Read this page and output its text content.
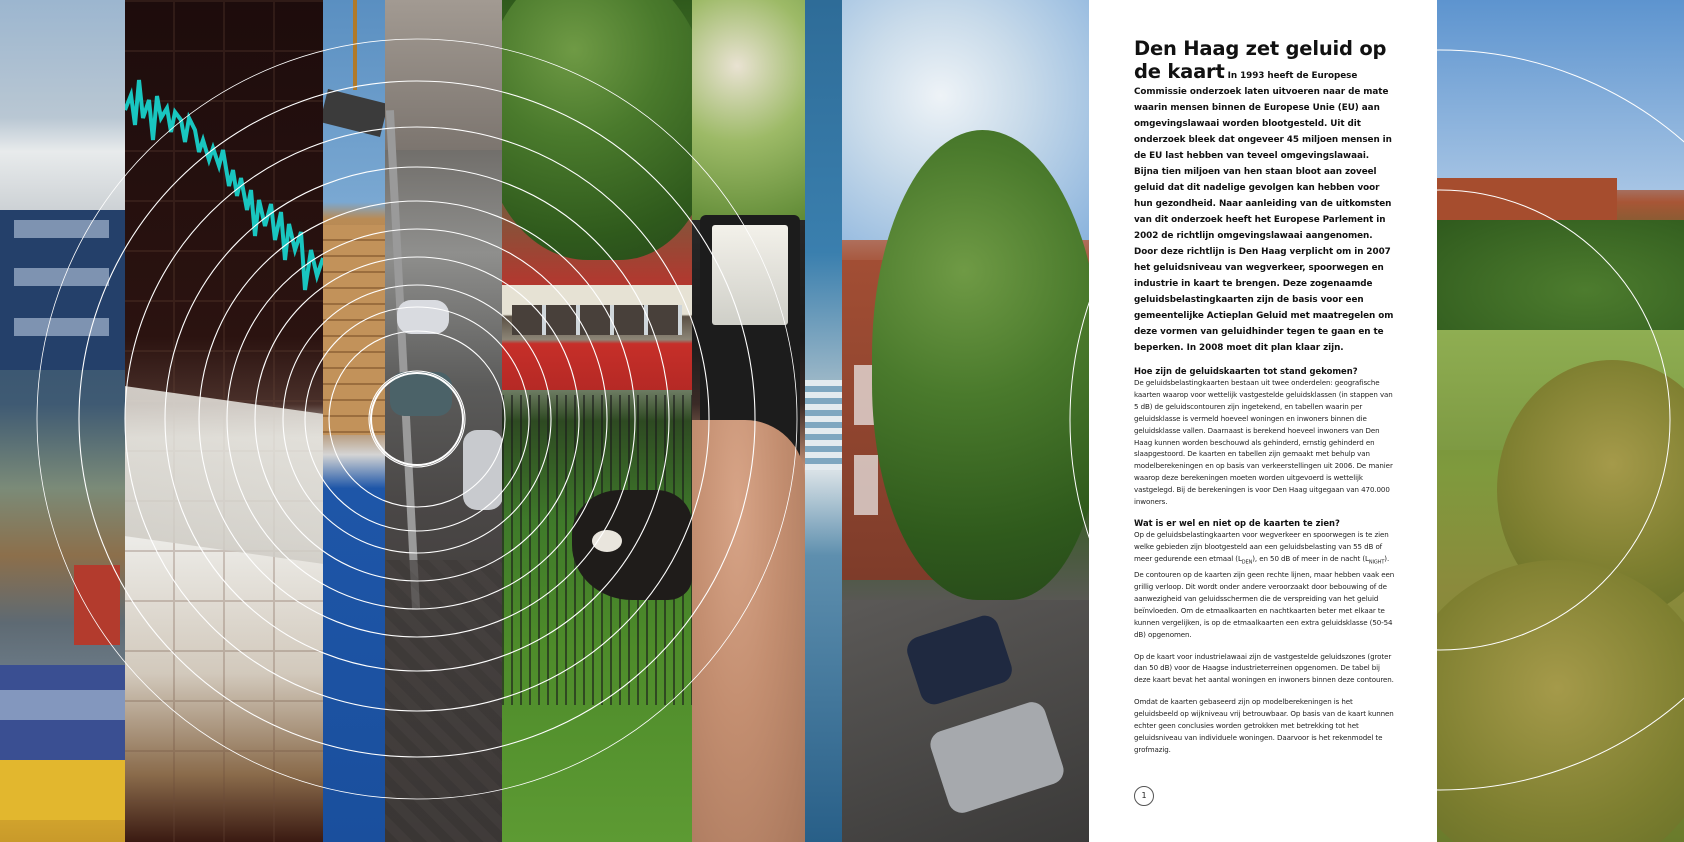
Den Haag zet geluid op de kaart In 1993 heeft de Europese Commissie onderzoek laten uitvoeren naar de mate waarin mensen binnen de Europese Unie (EU) aan omgevingslawaai worden blootgesteld. Uit dit onderzoek bleek dat ongeveer 45 miljoen mensen in de EU last hebben van teveel omgevingslawaai. Bijna tien miljoen van hen staan bloot aan zoveel geluid dat dit nadelige gevolgen kan hebben voor hun gezondheid. Naar aanleiding van de uitkomsten van dit onderzoek heeft het Europese Parlement in 2002 de richtlijn omgevingslawaai aangenomen. Door deze richtlijn is Den Haag verplicht om in 2007 het geluidsniveau van wegverkeer, spoorwegen en industrie in kaart te brengen. Deze zogenaamde geluidsbelastingkaarten zijn de basis voor een gemeentelijke Actieplan Geluid met maatregelen om deze vormen van geluidhinder tegen te gaan en te beperken. In 2008 moet dit plan klaar zijn.
Hoe zijn de geluidskaarten tot stand gekomen?
De geluidsbelastingkaarten bestaan uit twee onderdelen: geografische kaarten waarop voor wettelijk vastgestelde geluidsklassen (in stappen van 5 dB) de geluidscontouren zijn ingetekend, en tabellen waarin per geluidsklasse is vermeld hoeveel woningen en inwoners binnen die geluidsklasse vallen. Daarnaast is berekend hoeveel inwoners van Den Haag kunnen worden beschouwd als gehinderd, ernstig gehinderd en slaapgestoord. De kaarten en tabellen zijn gemaakt met behulp van modelberekeningen en op basis van verkeerstellingen uit 2006. De manier waarop deze berekeningen moeten worden uitgevoerd is wettelijk vastgelegd. Bij de berekeningen is voor Den Haag uitgegaan van 470.000 inwoners.
Wat is er wel en niet op de kaarten te zien?
Op de geluidsbelastingkaarten voor wegverkeer en spoorwegen is te zien welke gebieden zijn blootgesteld aan een geluidsbelasting van 55 dB of meer gedurende een etmaal $(L_{DEN})$, en 50 dB of meer in de nacht $(L_{NIGHT})$. De contouren op de kaarten zijn geen rechte lijnen, maar hebben vaak een grillig verloop. Dit wordt onder andere veroorzaakt door bebouwing of de aanwezigheid van geluidsschermen die de verspreiding van het geluid beïnvloeden. Om de etmaalkaarten en nachtkaarten beter met elkaar te kunnen vergelijken, is op de etmaalkaarten een extra geluidsklasse (50-54 dB) opgenomen.
Op de kaart voor industrielawaai zijn de vastgestelde geluidszones (groter dan 50 dB) voor de Haagse industrieterreinen opgenomen. De tabel bij deze kaart bevat het aantal woningen en inwoners binnen deze contouren.
Omdat de kaarten gebaseerd zijn op modelberekeningen is het geluidsbeeld op wijkniveau vrij betrouwbaar. Op basis van de kaart kunnen echter geen conclusies worden getrokken met betrekking tot het geluidsniveau van individuele woningen. Daarvoor is het rekenmodel te grofmazig.
1
